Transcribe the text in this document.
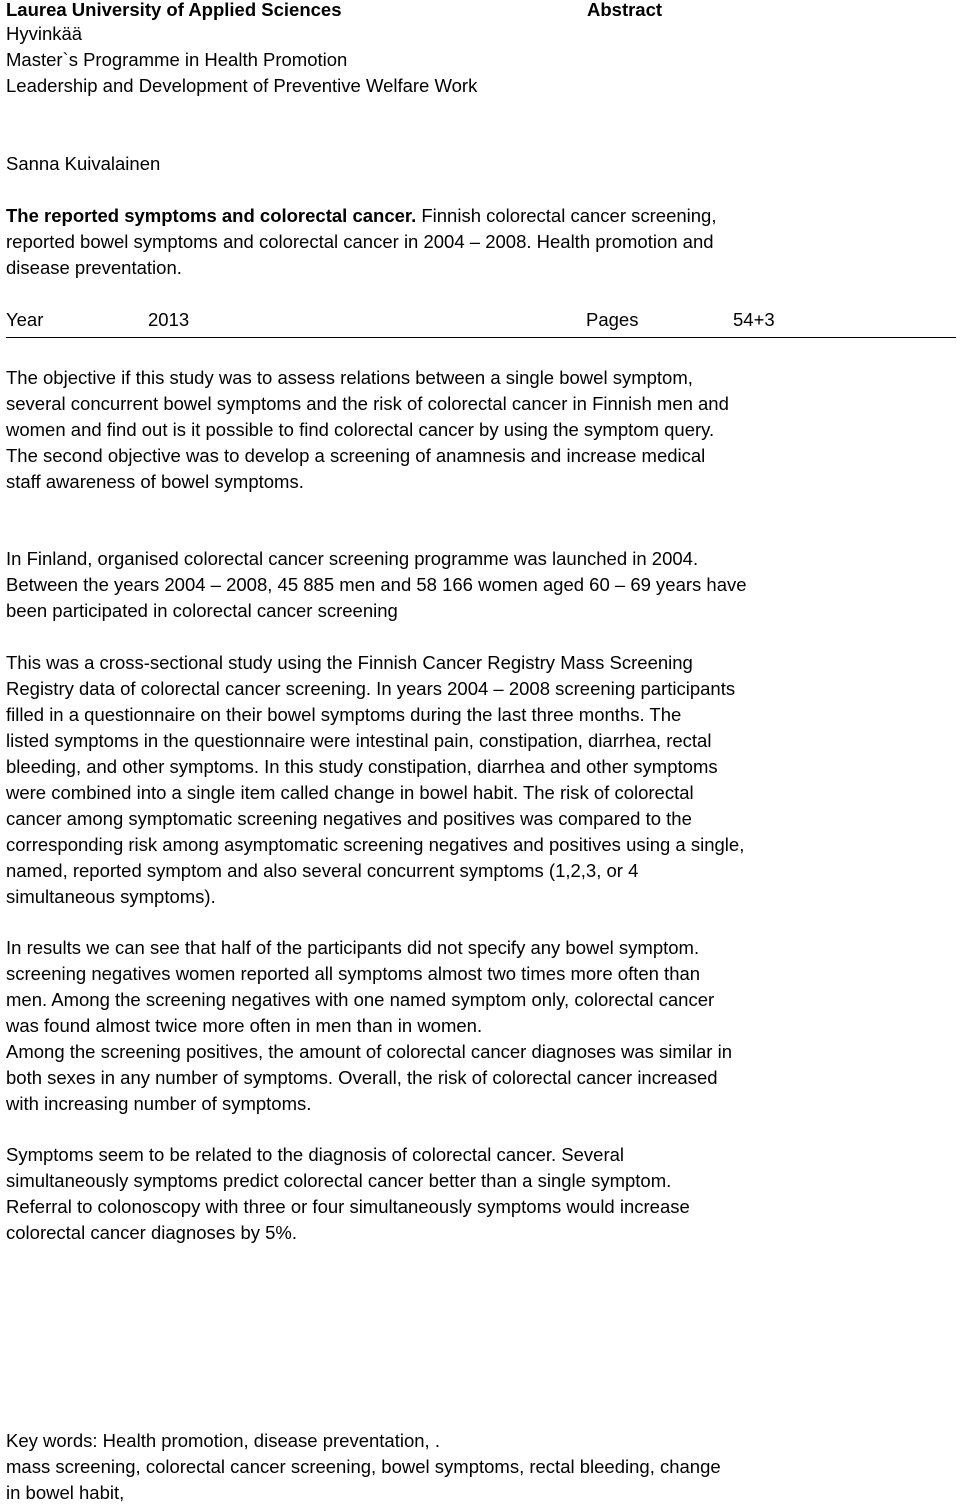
Laurea University of Applied Sciences	Abstract
Hyvinkää
Master`s Programme in Health Promotion
Leadership and Development of Preventive Welfare Work
Sanna Kuivalainen
The reported symptoms and colorectal cancer. Finnish colorectal cancer screening,
reported bowel symptoms and colorectal cancer in 2004 – 2008. Health promotion and
disease preventation.
Year	2013	Pages	54+3
The objective if this study was to assess relations between a single bowel symptom,
several concurrent bowel symptoms and the risk of colorectal cancer in Finnish men and
women and find out is it possible to find colorectal cancer by using the symptom query.
The second objective was to develop a screening of anamnesis and increase medical
staff awareness of bowel symptoms.
In Finland, organised colorectal cancer screening programme was launched in 2004.
Between the years 2004 – 2008, 45 885 men and 58 166 women aged 60 – 69 years have
been participated in colorectal cancer screening
This was a cross-sectional study using the Finnish Cancer Registry Mass Screening
Registry data of colorectal cancer screening. In years 2004 – 2008 screening participants
filled in a questionnaire on their bowel symptoms during the last three months. The
listed symptoms in the questionnaire were intestinal pain, constipation, diarrhea, rectal
bleeding, and other symptoms. In this study constipation, diarrhea and other symptoms
were combined into a single item called change in bowel habit. The risk of colorectal
cancer among symptomatic screening negatives and positives was compared to the
corresponding risk among asymptomatic screening negatives and positives using a single,
named, reported symptom and also several concurrent symptoms (1,2,3, or 4
simultaneous symptoms).
In results we can see that half of the participants did not specify any bowel symptom.
screening negatives women reported all symptoms almost two times more often than
men. Among the screening negatives with one named symptom only, colorectal cancer
was found almost twice more often in men than in women.
Among the screening positives, the amount of colorectal cancer diagnoses was similar in
both sexes in any number of symptoms. Overall, the risk of colorectal cancer increased
with increasing number of symptoms.
Symptoms seem to be related to the diagnosis of colorectal cancer. Several
simultaneously symptoms predict colorectal cancer better than a single symptom.
Referral to colonoscopy with three or four simultaneously symptoms would increase
colorectal cancer diagnoses by 5%.
Key words: Health promotion, disease preventation, .
mass screening, colorectal cancer screening, bowel symptoms, rectal bleeding, change
in bowel habit,
